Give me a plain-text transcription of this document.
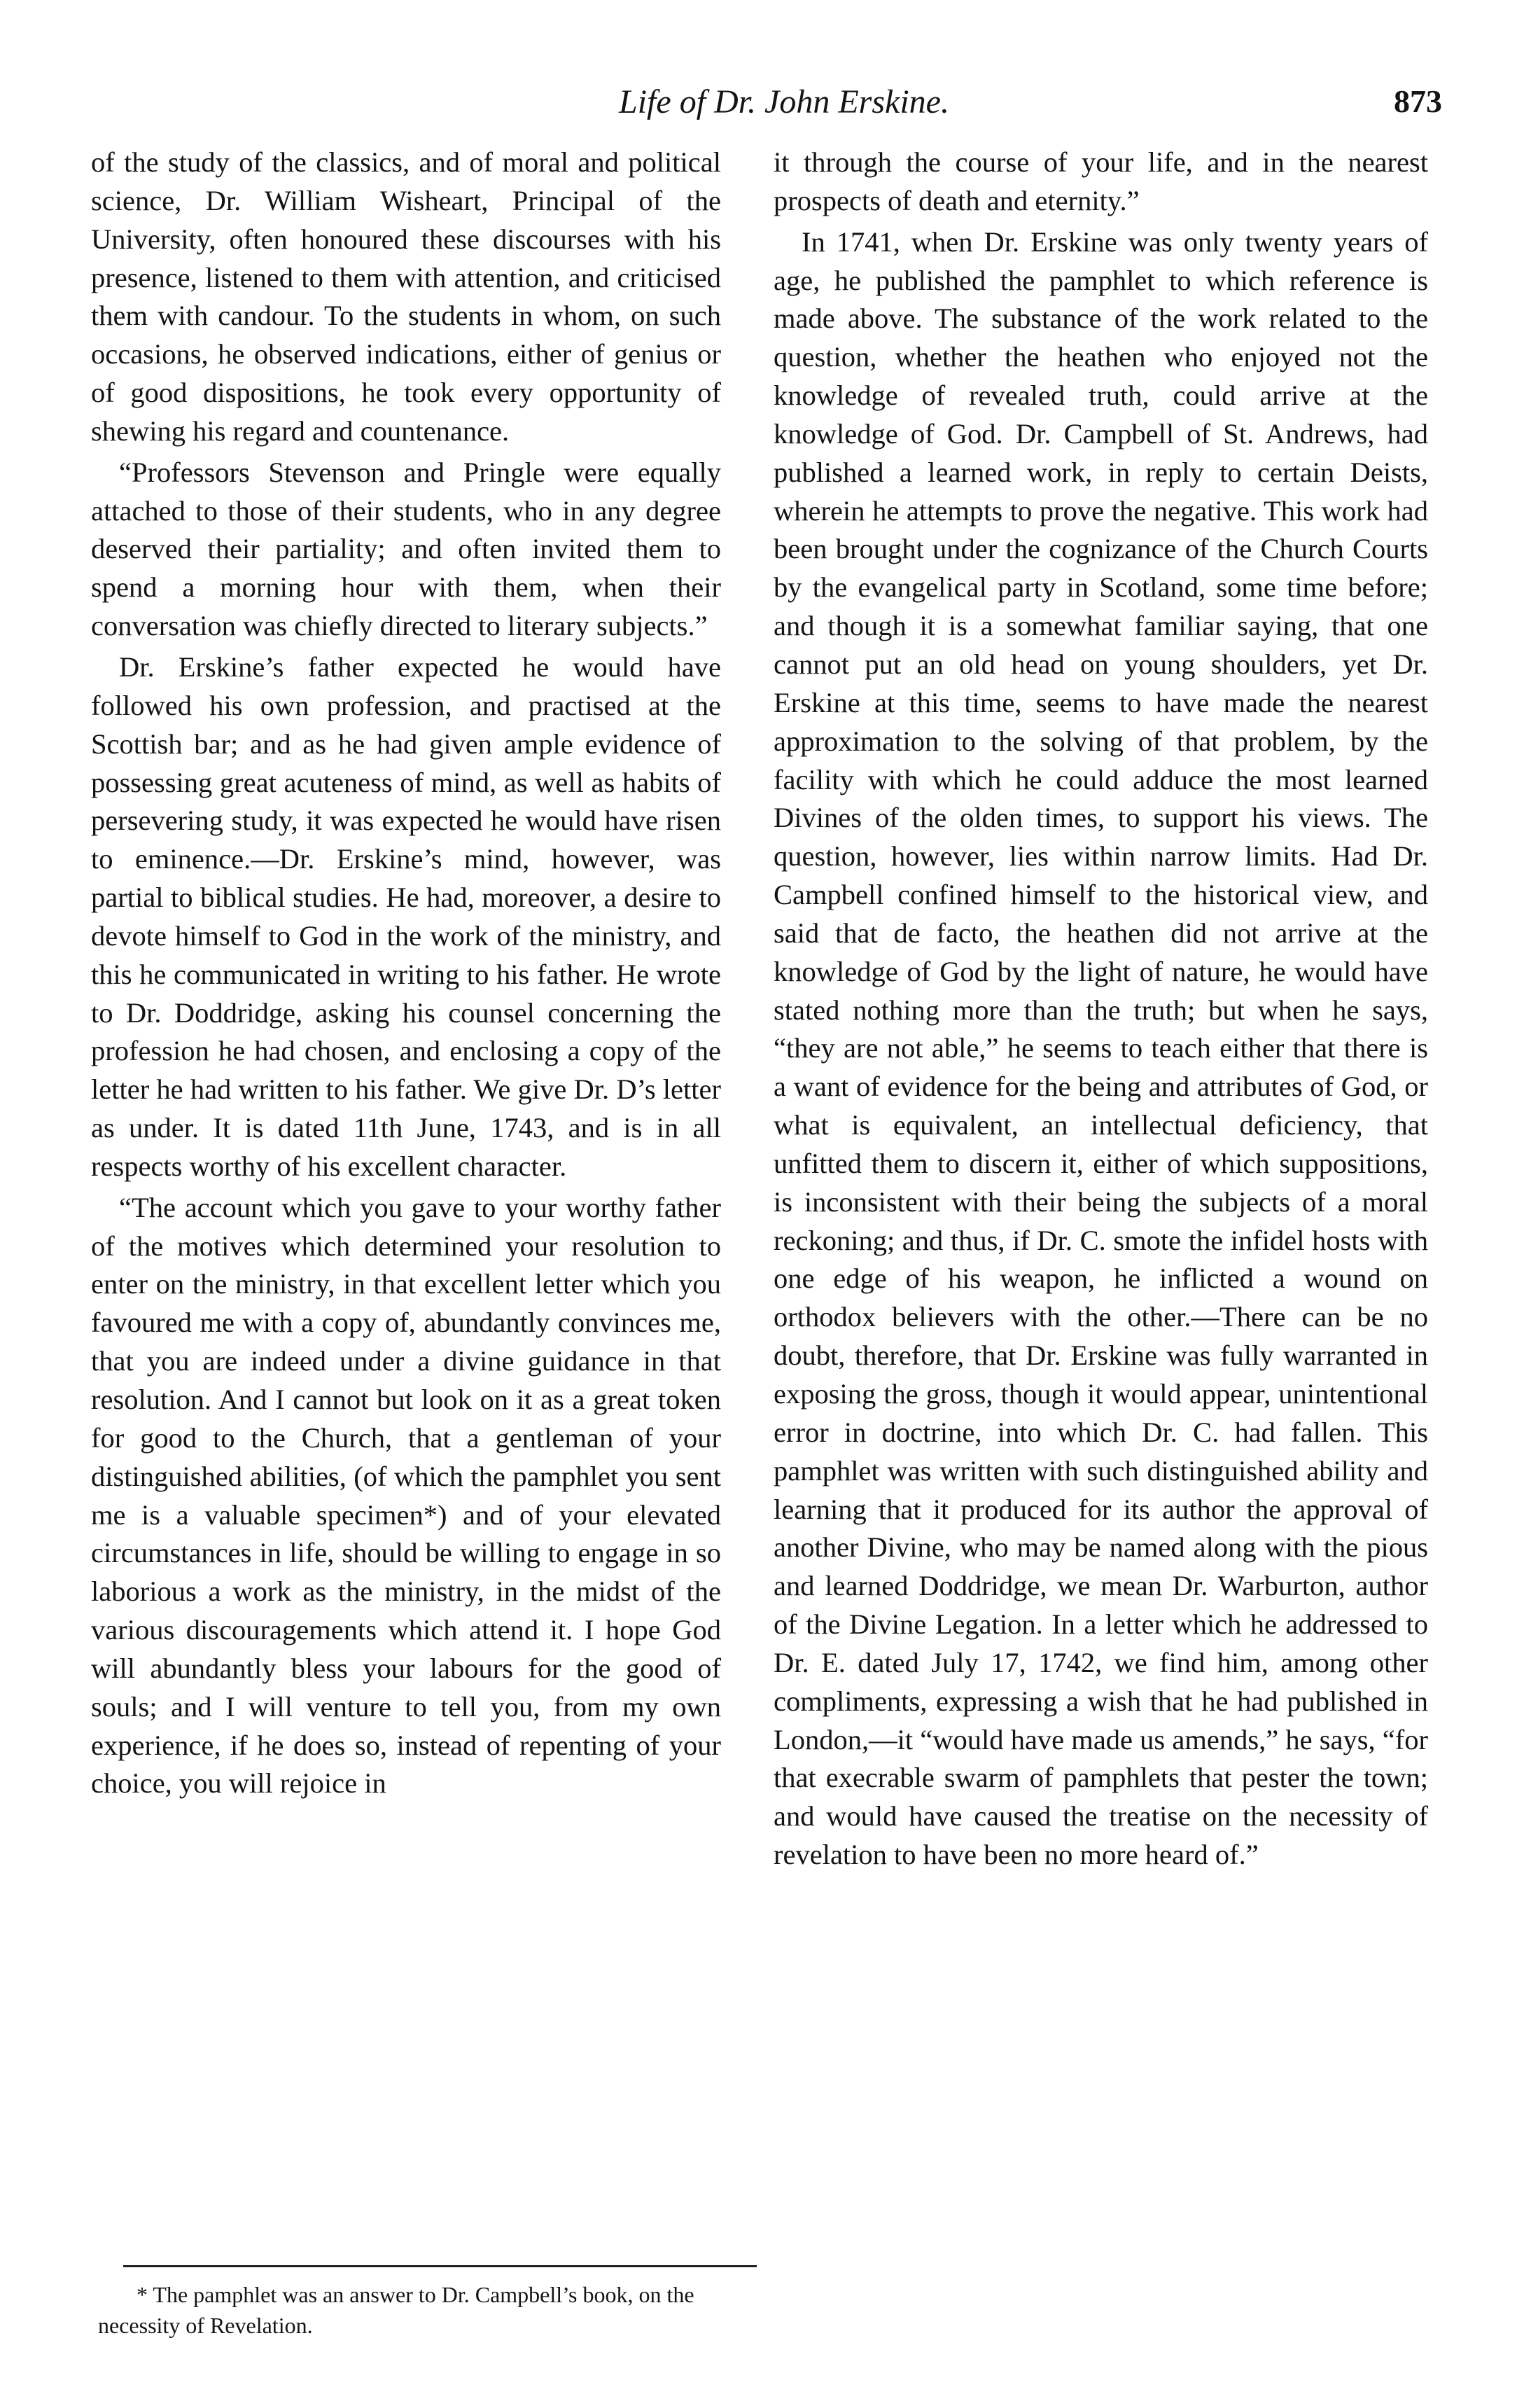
Life of Dr. John Erskine.	873

of the study of the classics, and of moral and political science, Dr. William Wisheart, Principal of the University, often honoured these discourses with his presence, listened to them with attention, and criticised them with candour. To the students in whom, on such occasions, he observed indications, either of genius or of good dispositions, he took every opportunity of shewing his regard and countenance.

“Professors Stevenson and Pringle were equally attached to those of their students, who in any degree deserved their partiality; and often invited them to spend a morning hour with them, when their conversation was chiefly directed to literary subjects.”

Dr. Erskine’s father expected he would have followed his own profession, and practised at the Scottish bar; and as he had given ample evidence of possessing great acuteness of mind, as well as habits of persevering study, it was expected he would have risen to eminence.—Dr. Erskine’s mind, however, was partial to biblical studies. He had, moreover, a desire to devote himself to God in the work of the ministry, and this he communicated in writing to his father. He wrote to Dr. Doddridge, asking his counsel concerning the profession he had chosen, and enclosing a copy of the letter he had written to his father. We give Dr. D’s letter as under. It is dated 11th June, 1743, and is in all respects worthy of his excellent character.

“The account which you gave to your worthy father of the motives which determined your resolution to enter on the ministry, in that excellent letter which you favoured me with a copy of, abundantly convinces me, that you are indeed under a divine guidance in that resolution. And I cannot but look on it as a great token for good to the Church, that a gentleman of your distinguished abilities, (of which the pamphlet you sent me is a valuable specimen*) and of your elevated circumstances in life, should be willing to engage in so laborious a work as the ministry, in the midst of the various discouragements which attend it. I hope God will abundantly bless your labours for the good of souls; and I will venture to tell you, from my own experience, if he does so, instead of repenting of your choice, you will rejoice in

it through the course of your life, and in the nearest prospects of death and eternity.”

In 1741, when Dr. Erskine was only twenty years of age, he published the pamphlet to which reference is made above. The substance of the work related to the question, whether the heathen who enjoyed not the knowledge of revealed truth, could arrive at the knowledge of God. Dr. Campbell of St. Andrews, had published a learned work, in reply to certain Deists, wherein he attempts to prove the negative. This work had been brought under the cognizance of the Church Courts by the evangelical party in Scotland, some time before; and though it is a somewhat familiar saying, that one cannot put an old head on young shoulders, yet Dr. Erskine at this time, seems to have made the nearest approximation to the solving of that problem, by the facility with which he could adduce the most learned Divines of the olden times, to support his views. The question, however, lies within narrow limits. Had Dr. Campbell confined himself to the historical view, and said that de facto, the heathen did not arrive at the knowledge of God by the light of nature, he would have stated nothing more than the truth; but when he says, “they are not able,” he seems to teach either that there is a want of evidence for the being and attributes of God, or what is equivalent, an intellectual deficiency, that unfitted them to discern it, either of which suppositions, is inconsistent with their being the subjects of a moral reckoning; and thus, if Dr. C. smote the infidel hosts with one edge of his weapon, he inflicted a wound on orthodox believers with the other.—There can be no doubt, therefore, that Dr. Erskine was fully warranted in exposing the gross, though it would appear, unintentional error in doctrine, into which Dr. C. had fallen. This pamphlet was written with such distinguished ability and learning that it produced for its author the approval of another Divine, who may be named along with the pious and learned Doddridge, we mean Dr. Warburton, author of the Divine Legation. In a letter which he addressed to Dr. E. dated July 17, 1742, we find him, among other compliments, expressing a wish that he had published in London,—it “would have made us amends,” he says, “for that execrable swarm of pamphlets that pester the town; and would have caused the treatise on the necessity of revelation to have been no more heard of.”

* The pamphlet was an answer to Dr. Campbell’s book, on the necessity of Revelation.
